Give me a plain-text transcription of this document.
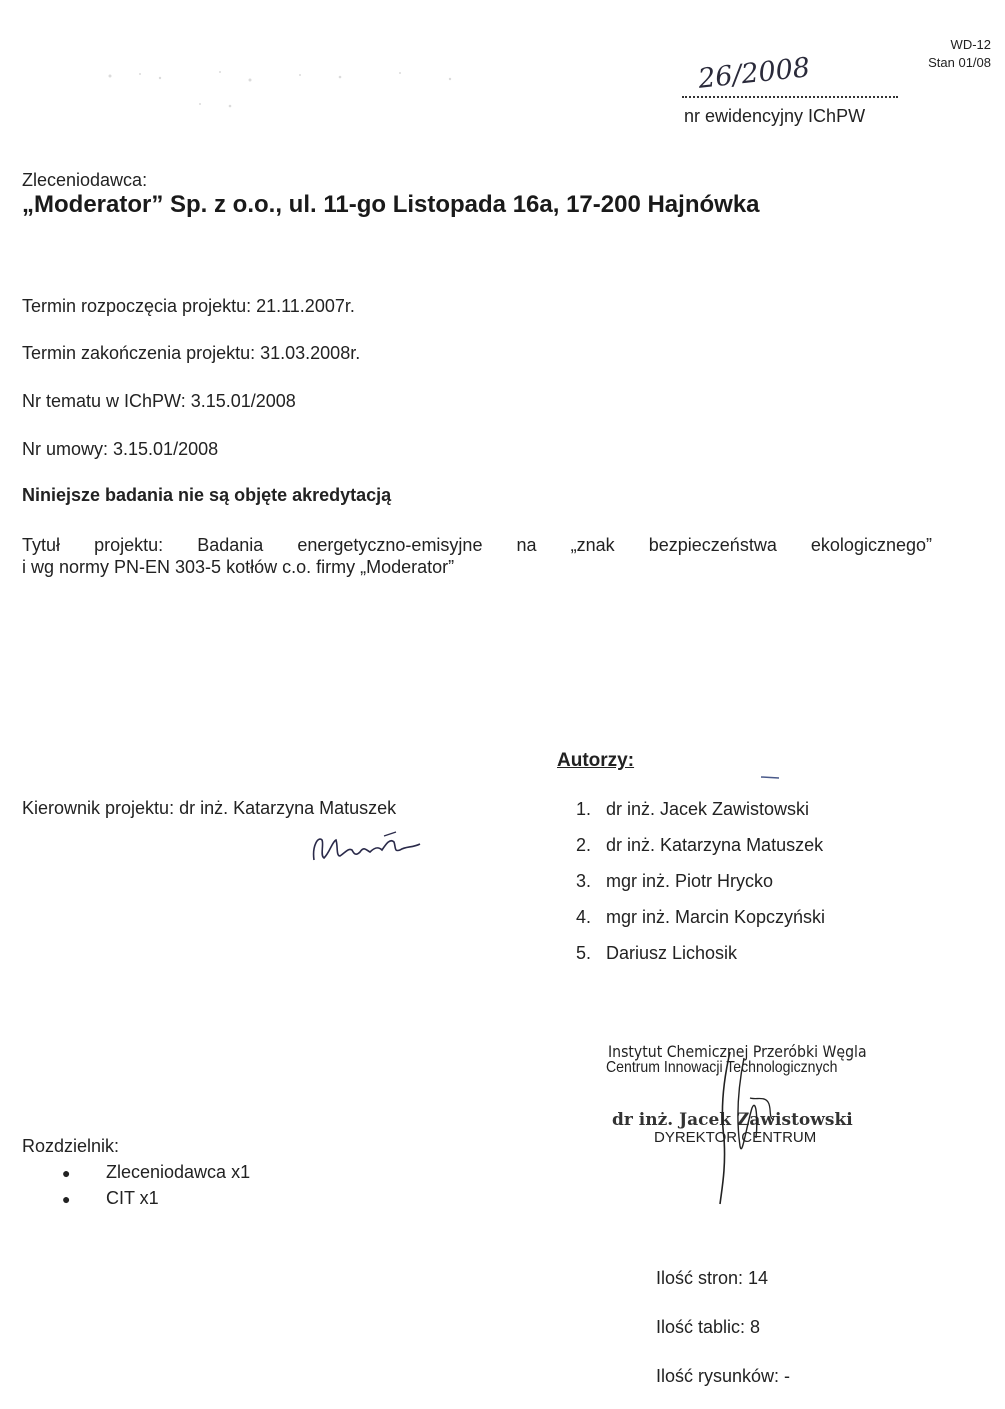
WD-12
Stan 01/08
26/2008
nr ewidencyjny IChPW
Zleceniodawca:
„Moderator” Sp. z o.o., ul. 11-go Listopada 16a, 17-200 Hajnówka
Termin rozpoczęcia projektu: 21.11.2007r.
Termin zakończenia projektu: 31.03.2008r.
Nr tematu w IChPW: 3.15.01/2008
Nr umowy: 3.15.01/2008
Niniejsze badania nie są objęte akredytacją
Tytuł projektu: Badania energetyczno-emisyjne na „znak bezpieczeństwa ekologicznego”
i wg normy PN-EN 303-5 kotłów c.o. firmy „Moderator”
Autorzy:
Kierownik projektu: dr inż. Katarzyna Matuszek	1. dr inż. Jacek Zawistowski
2. dr inż. Katarzyna Matuszek
3. mgr inż. Piotr Hrycko
4. mgr inż. Marcin Kopczyński
5. Dariusz Lichosik
Instytut Chemicznej Przeróbki Węgla
Centrum Innowacji Technologicznych
dr inż. Jacek Zawistowski
DYREKTOR CENTRUM
Rozdzielnik:
● Zleceniodawca x1
● CIT x1
Ilość stron: 14
Ilość tablic: 8
Ilość rysunków: -
